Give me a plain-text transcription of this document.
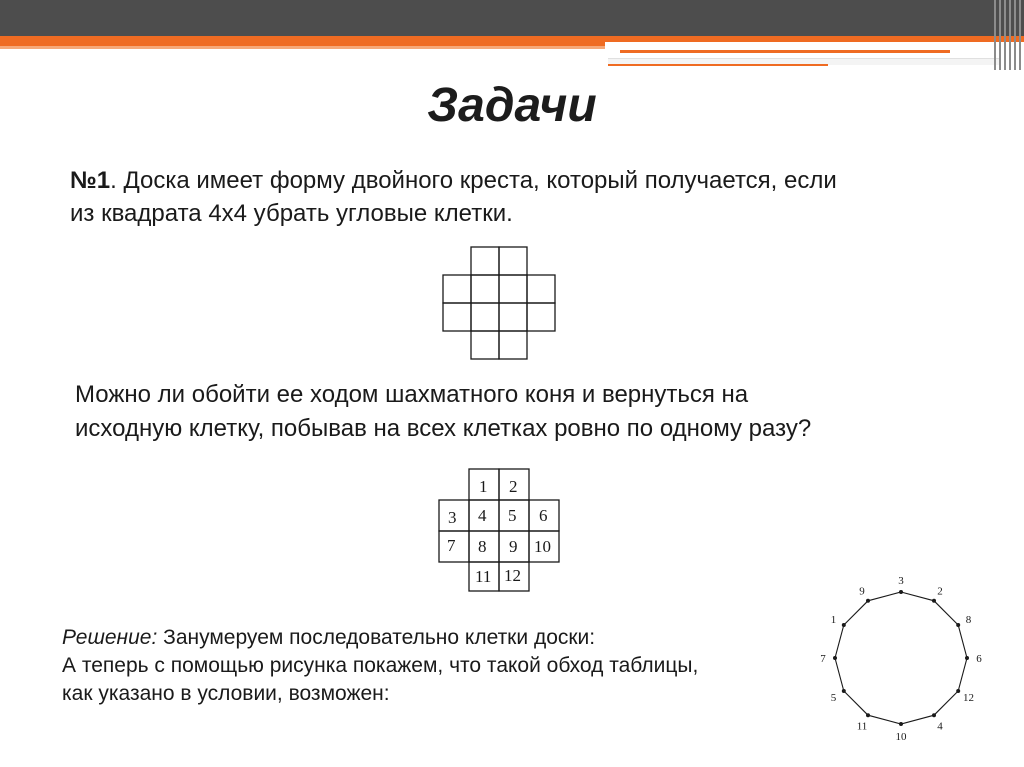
Задачи
№1. Доска имеет форму двойного креста, который получается, если
из квадрата 4х4 убрать угловые клетки.
Можно ли обойти ее ходом шахматного коня и вернуться на
исходную клетку, побывав на всех клетках ровно по одному разу?
1 2
3 4 5 6
7 8 9 10
11 12
Решение: Занумеруем последовательно клетки доски:
А теперь с помощью рисунка покажем, что такой обход таблицы,
как указано в условии, возможен:
3
2
8
6
12
4
10
11
5
7
1
9
